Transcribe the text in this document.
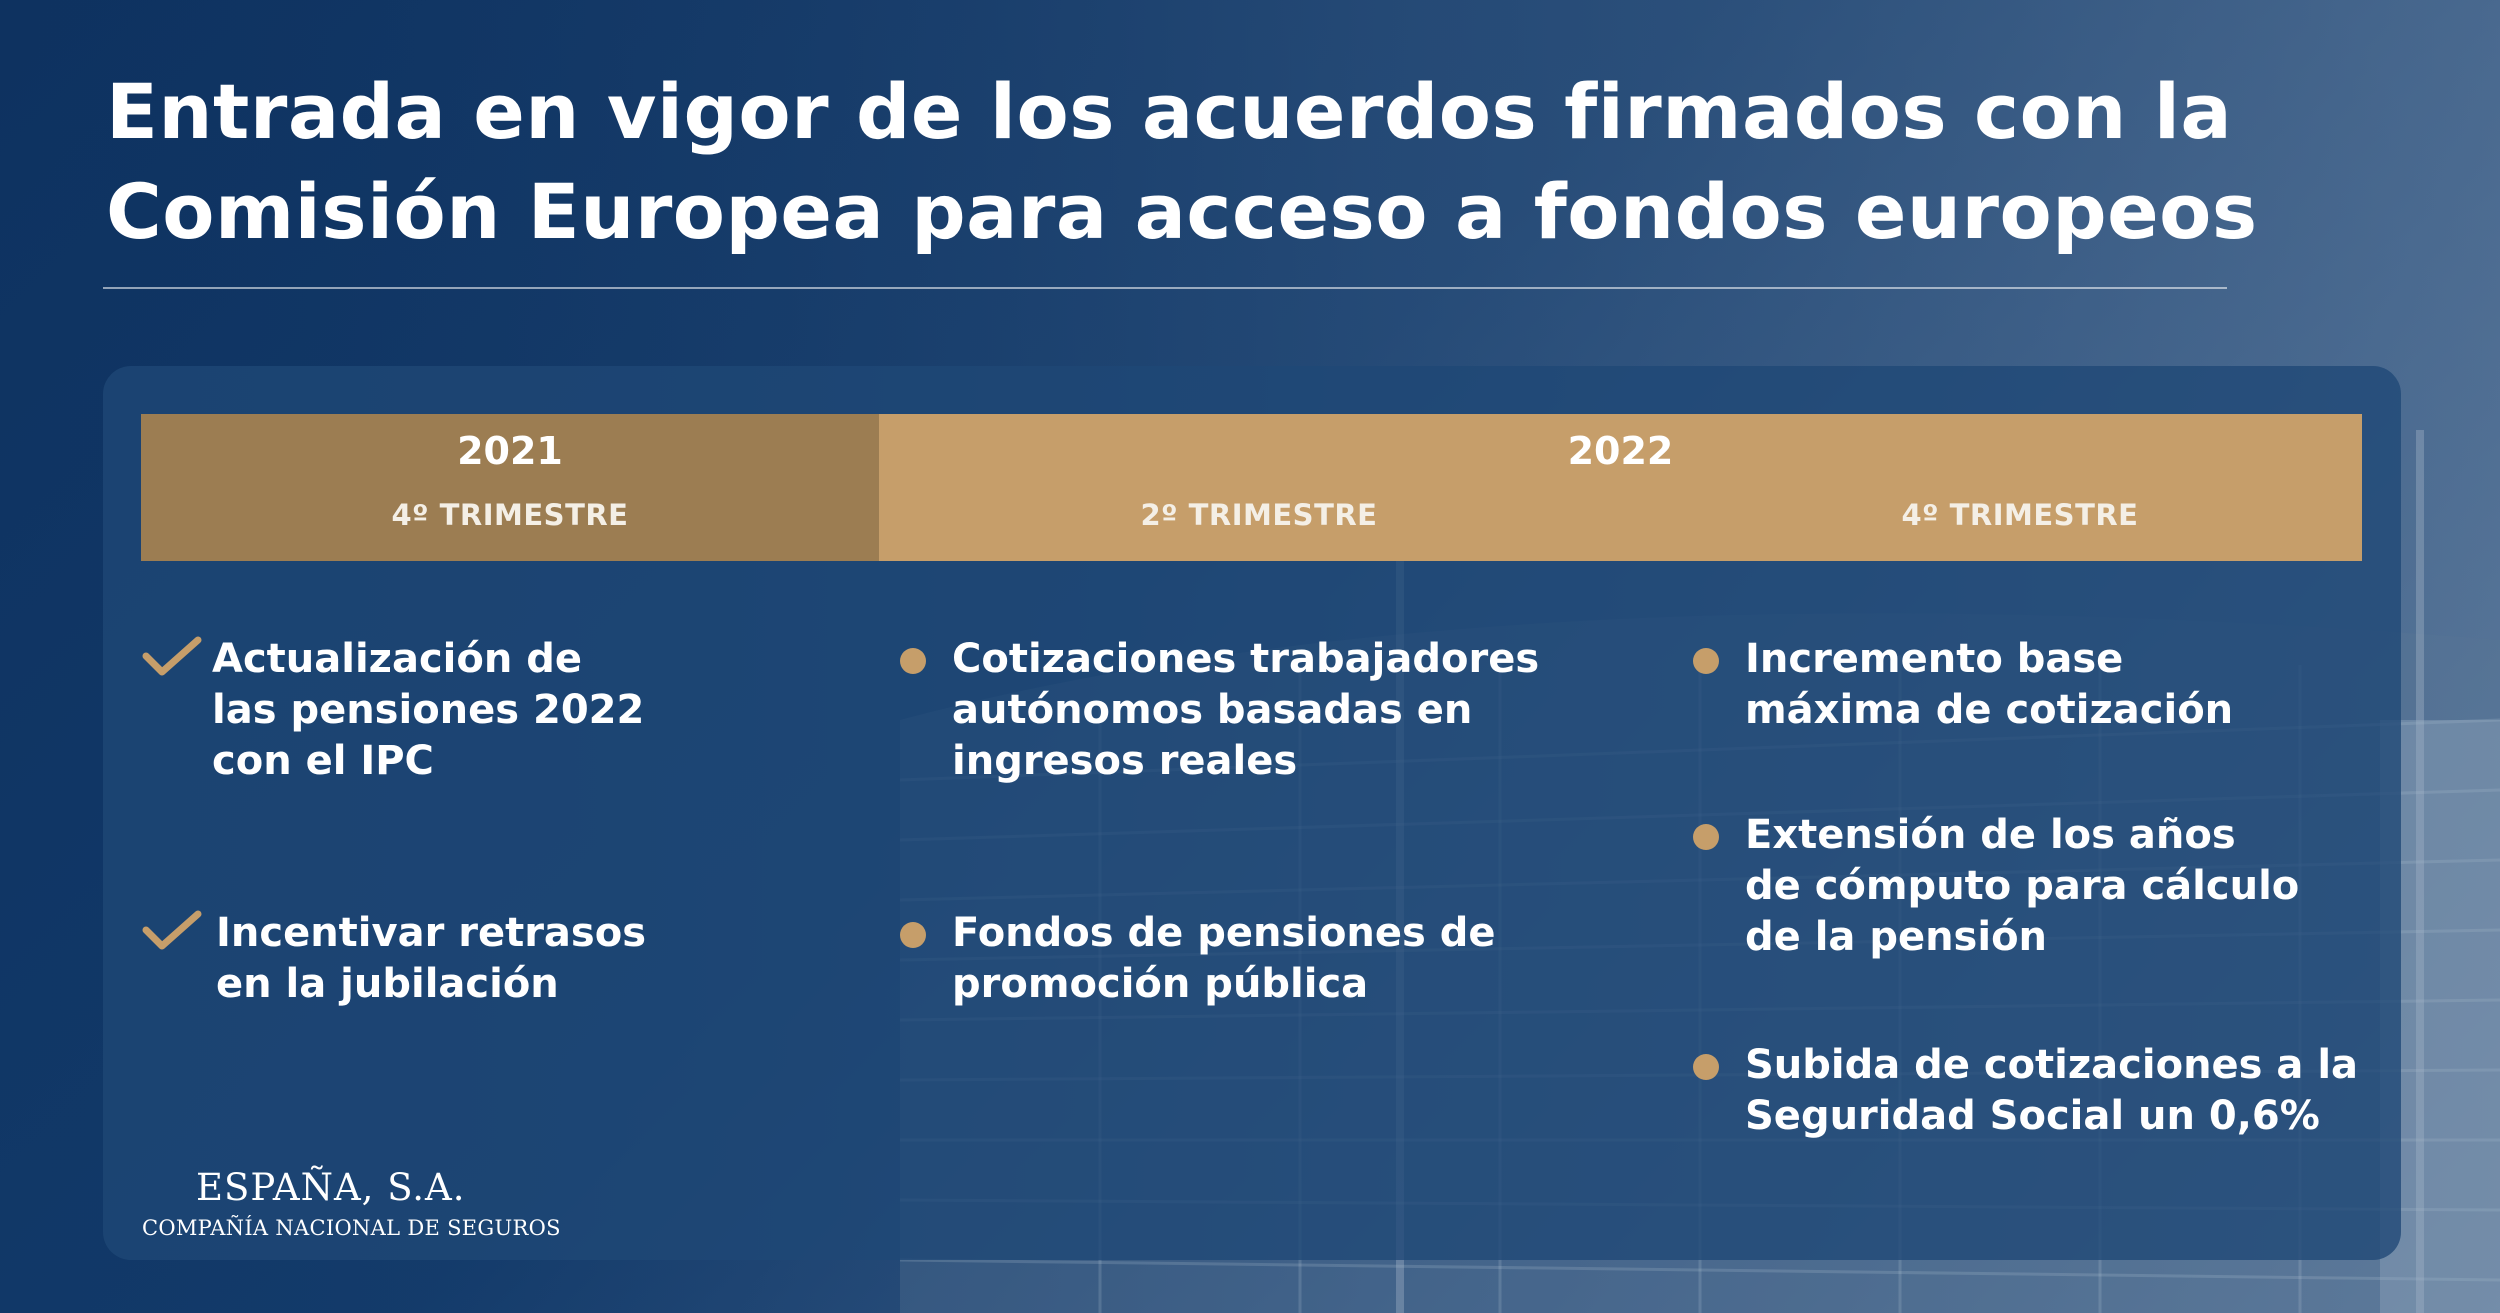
Entrada en vigor de los acuerdos firmados con la
Comisión Europea para acceso a fondos europeos
2021
4º TRIMESTRE
2022
2º TRIMESTRE	4º TRIMESTRE
Actualización de
las pensiones 2022
con el IPC
Incentivar retrasos
en la jubilación
Cotizaciones trabajadores
autónomos basadas en
ingresos reales
Fondos de pensiones de
promoción pública
Incremento base
máxima de cotización
Extensión de los años
de cómputo para cálculo
de la pensión
Subida de cotizaciones a la
Seguridad Social un 0,6%
ESPAÑA, S.A.
COMPAÑÍA NACIONAL DE SEGUROS
